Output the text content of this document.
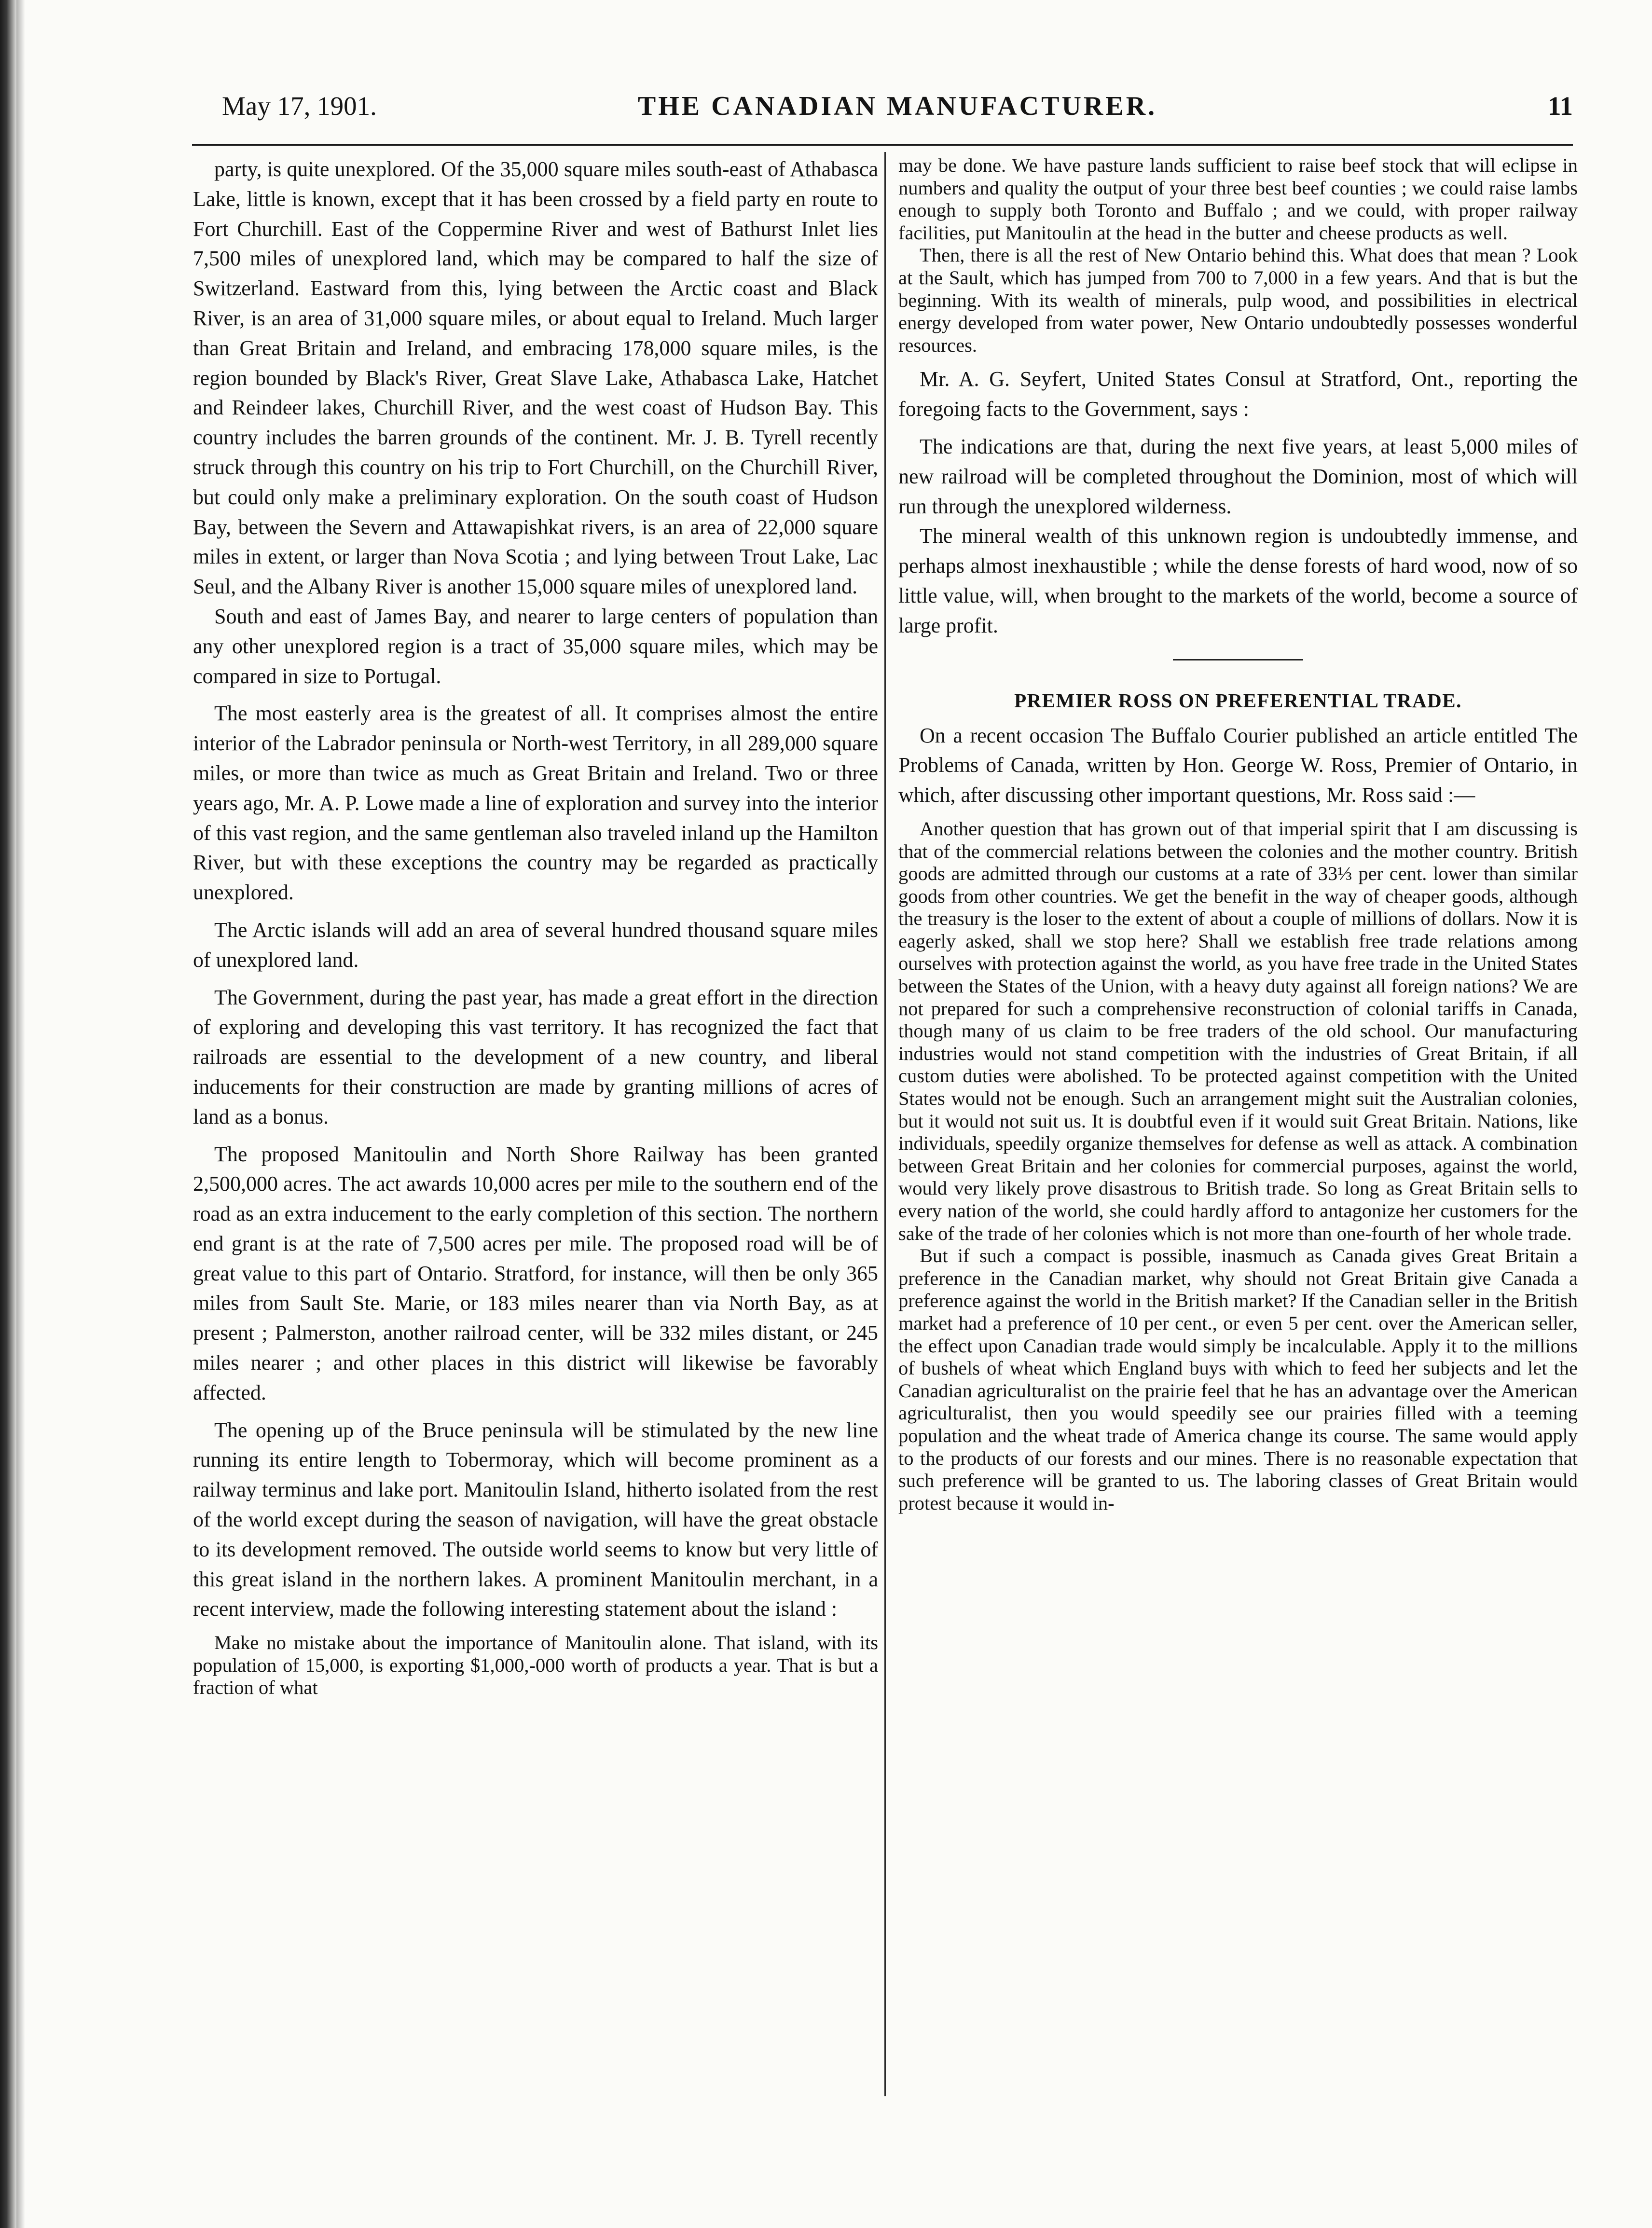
THE CANADIAN MANUFACTURER.
May 17, 1901.	11

party, is quite unexplored. Of the 35,000 square miles south-east of Athabasca Lake, little is known, except that it has been crossed by a field party en route to Fort Churchill. East of the Coppermine River and west of Bathurst Inlet lies 7,500 miles of unexplored land, which may be compared to half the size of Switzerland. Eastward from this, lying between the Arctic coast and Black River, is an area of 31,000 square miles, or about equal to Ireland. Much larger than Great Britain and Ireland, and embracing 178,000 square miles, is the region bounded by Black's River, Great Slave Lake, Athabasca Lake, Hatchet and Reindeer lakes, Churchill River, and the west coast of Hudson Bay. This country includes the barren grounds of the continent. Mr. J. B. Tyrell recently struck through this country on his trip to Fort Churchill, on the Churchill River, but could only make a preliminary exploration. On the south coast of Hudson Bay, between the Severn and Attawapishkat rivers, is an area of 22,000 square miles in extent, or larger than Nova Scotia ; and lying between Trout Lake, Lac Seul, and the Albany River is another 15,000 square miles of unexplored land.

South and east of James Bay, and nearer to large centers of population than any other unexplored region is a tract of 35,000 square miles, which may be compared in size to Portugal.

The most easterly area is the greatest of all. It comprises almost the entire interior of the Labrador peninsula or North-west Territory, in all 289,000 square miles, or more than twice as much as Great Britain and Ireland. Two or three years ago, Mr. A. P. Lowe made a line of exploration and survey into the interior of this vast region, and the same gentleman also traveled inland up the Hamilton River, but with these exceptions the country may be regarded as practically unexplored.

The Arctic islands will add an area of several hundred thousand square miles of unexplored land.

The Government, during the past year, has made a great effort in the direction of exploring and developing this vast territory. It has recognized the fact that railroads are essential to the development of a new country, and liberal inducements for their construction are made by granting millions of acres of land as a bonus.

The proposed Manitoulin and North Shore Railway has been granted 2,500,000 acres. The act awards 10,000 acres per mile to the southern end of the road as an extra inducement to the early completion of this section. The northern end grant is at the rate of 7,500 acres per mile. The proposed road will be of great value to this part of Ontario. Stratford, for instance, will then be only 365 miles from Sault Ste. Marie, or 183 miles nearer than via North Bay, as at present ; Palmerston, another railroad center, will be 332 miles distant, or 245 miles nearer ; and other places in this district will likewise be favorably affected.

The opening up of the Bruce peninsula will be stimulated by the new line running its entire length to Tobermoray, which will become prominent as a railway terminus and lake port. Manitoulin Island, hitherto isolated from the rest of the world except during the season of navigation, will have the great obstacle to its development removed. The outside world seems to know but very little of this great island in the northern lakes. A prominent Manitoulin merchant, in a recent interview, made the following interesting statement about the island :

Make no mistake about the importance of Manitoulin alone. That island, with its population of 15,000, is exporting $1,000,-000 worth of products a year. That is but a fraction of what

may be done. We have pasture lands sufficient to raise beef stock that will eclipse in numbers and quality the output of your three best beef counties ; we could raise lambs enough to supply both Toronto and Buffalo ; and we could, with proper railway facilities, put Manitoulin at the head in the butter and cheese products as well.

Then, there is all the rest of New Ontario behind this. What does that mean ? Look at the Sault, which has jumped from 700 to 7,000 in a few years. And that is but the beginning. With its wealth of minerals, pulp wood, and possibilities in electrical energy developed from water power, New Ontario undoubtedly possesses wonderful resources.

Mr. A. G. Seyfert, United States Consul at Stratford, Ont., reporting the foregoing facts to the Government, says :

The indications are that, during the next five years, at least 5,000 miles of new railroad will be completed throughout the Dominion, most of which will run through the unexplored wilderness.

The mineral wealth of this unknown region is undoubtedly immense, and perhaps almost inexhaustible ; while the dense forests of hard wood, now of so little value, will, when brought to the markets of the world, become a source of large profit.

PREMIER ROSS ON PREFERENTIAL TRADE.

On a recent occasion The Buffalo Courier published an article entitled The Problems of Canada, written by Hon. George W. Ross, Premier of Ontario, in which, after discussing other important questions, Mr. Ross said :—

Another question that has grown out of that imperial spirit that I am discussing is that of the commercial relations between the colonies and the mother country. British goods are admitted through our customs at a rate of 33⅓ per cent. lower than similar goods from other countries. We get the benefit in the way of cheaper goods, although the treasury is the loser to the extent of about a couple of millions of dollars. Now it is eagerly asked, shall we stop here? Shall we establish free trade relations among ourselves with protection against the world, as you have free trade in the United States between the States of the Union, with a heavy duty against all foreign nations? We are not prepared for such a comprehensive reconstruction of colonial tariffs in Canada, though many of us claim to be free traders of the old school. Our manufacturing industries would not stand competition with the industries of Great Britain, if all custom duties were abolished. To be protected against competition with the United States would not be enough. Such an arrangement might suit the Australian colonies, but it would not suit us. It is doubtful even if it would suit Great Britain. Nations, like individuals, speedily organize themselves for defense as well as attack. A combination between Great Britain and her colonies for commercial purposes, against the world, would very likely prove disastrous to British trade. So long as Great Britain sells to every nation of the world, she could hardly afford to antagonize her customers for the sake of the trade of her colonies which is not more than one-fourth of her whole trade.

But if such a compact is possible, inasmuch as Canada gives Great Britain a preference in the Canadian market, why should not Great Britain give Canada a preference against the world in the British market? If the Canadian seller in the British market had a preference of 10 per cent., or even 5 per cent. over the American seller, the effect upon Canadian trade would simply be incalculable. Apply it to the millions of bushels of wheat which England buys with which to feed her subjects and let the Canadian agriculturalist on the prairie feel that he has an advantage over the American agriculturalist, then you would speedily see our prairies filled with a teeming population and the wheat trade of America change its course. The same would apply to the products of our forests and our mines. There is no reasonable expectation that such preference will be granted to us. The laboring classes of Great Britain would protest because it would in-
